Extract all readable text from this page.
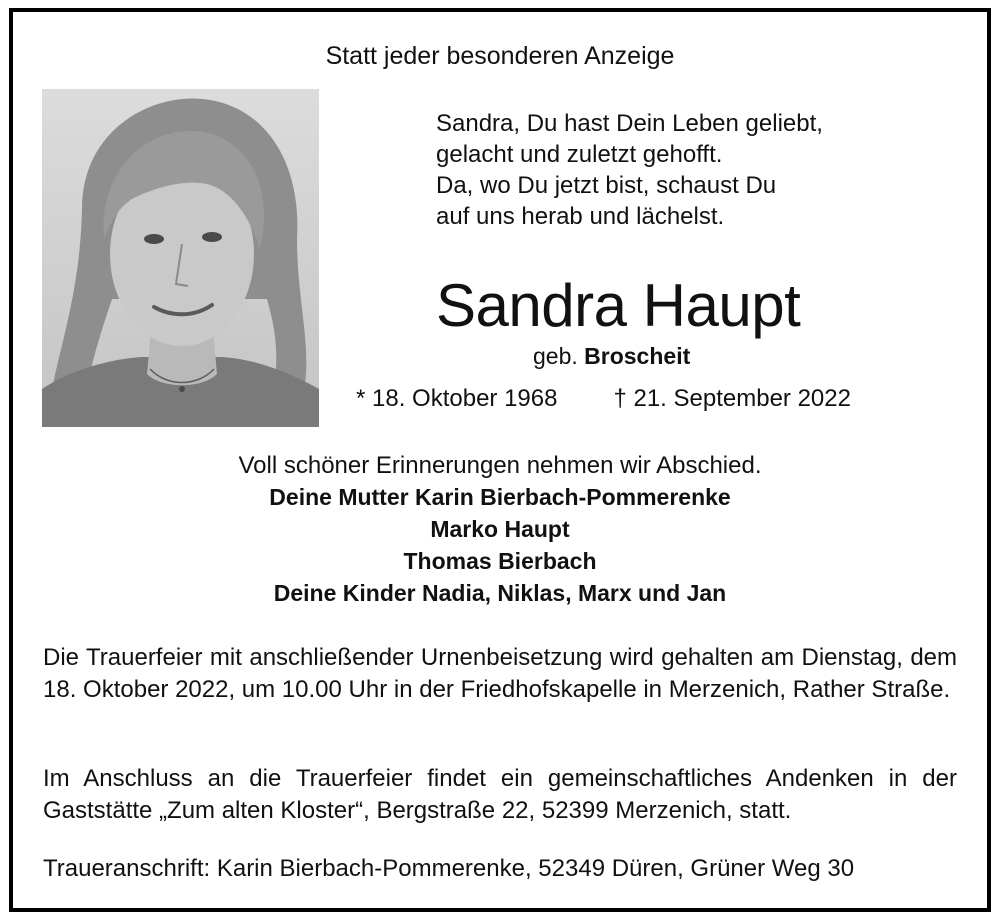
Statt jeder besonderen Anzeige
Sandra, Du hast Dein Leben geliebt,
gelacht und zuletzt gehofft.
Da, wo Du jetzt bist, schaust Du
auf uns herab und lächelst.
Sandra Haupt
geb. Broscheit
* 18. Oktober 1968 † 21. September 2022
Voll schöner Erinnerungen nehmen wir Abschied.
Deine Mutter Karin Bierbach-Pommerenke
Marko Haupt
Thomas Bierbach
Deine Kinder Nadia, Niklas, Marx und Jan
Die Trauerfeier mit anschließender Urnenbeisetzung wird gehalten am Dienstag, dem 18. Oktober 2022, um 10.00 Uhr in der Friedhofskapelle in Merzenich, Rather Straße.
Im Anschluss an die Trauerfeier findet ein gemeinschaftliches Andenken in der Gaststätte „Zum alten Kloster“, Bergstraße 22, 52399 Merzenich, statt.
Traueranschrift: Karin Bierbach-Pommerenke, 52349 Düren, Grüner Weg 30
